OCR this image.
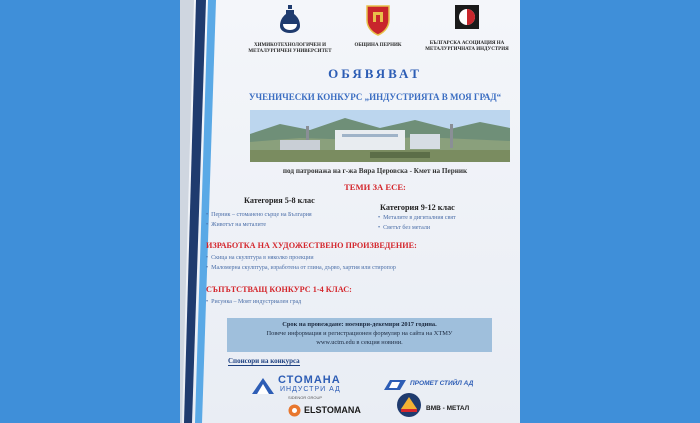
ХИМИКОТЕХНОЛОГИЧЕН И
МЕТАЛУРГИЧЕН УНИВЕРСИТЕТ
ОБЩИНА ПЕРНИК	БЪЛГАРСКА АСОЦИАЦИЯ НА
МЕТАЛУРГИЧНАТА ИНДУСТРИЯ
ОБЯВЯВАТ
УЧЕНИЧЕСКИ КОНКУРС „ИНДУСТРИЯТА В МОЯ ГРАД“
под патронажа на г-жа Вяра Церовска - Кмет на Перник
ТЕМИ ЗА ЕСЕ:
Категория 5-8 клас
•  Перник – стоманено сърце на България
•  Животът на металите
Категория 9-12 клас
•  Металите в дигиталния свят
•  Светът без метали
ИЗРАБОТКА НА ХУДОЖЕСТВЕНО ПРОИЗВЕДЕНИЕ:
•  Скица на скулптура в няколко проекции
•  Маломерна скулптура, изработена от глина, дърво, хартия или стиропор
СЪПЪТСТВАЩ КОНКУРС 1-4 КЛАС:
•  Рисунка – Моят индустриален град
Срок на провеждане: ноември-декември 2017 година.
Повече информация и регистрационен формуляр на сайта на ХТМУ
www.uctm.edu в секция новини.
Спонсори на конкурса
СТОМАНА
ИНДУСТРИ АД
SIDENOR GROUP
ПРОМЕТ СТИЙЛ АД
ELSTOMANA	ВМВ - МЕТАЛ
